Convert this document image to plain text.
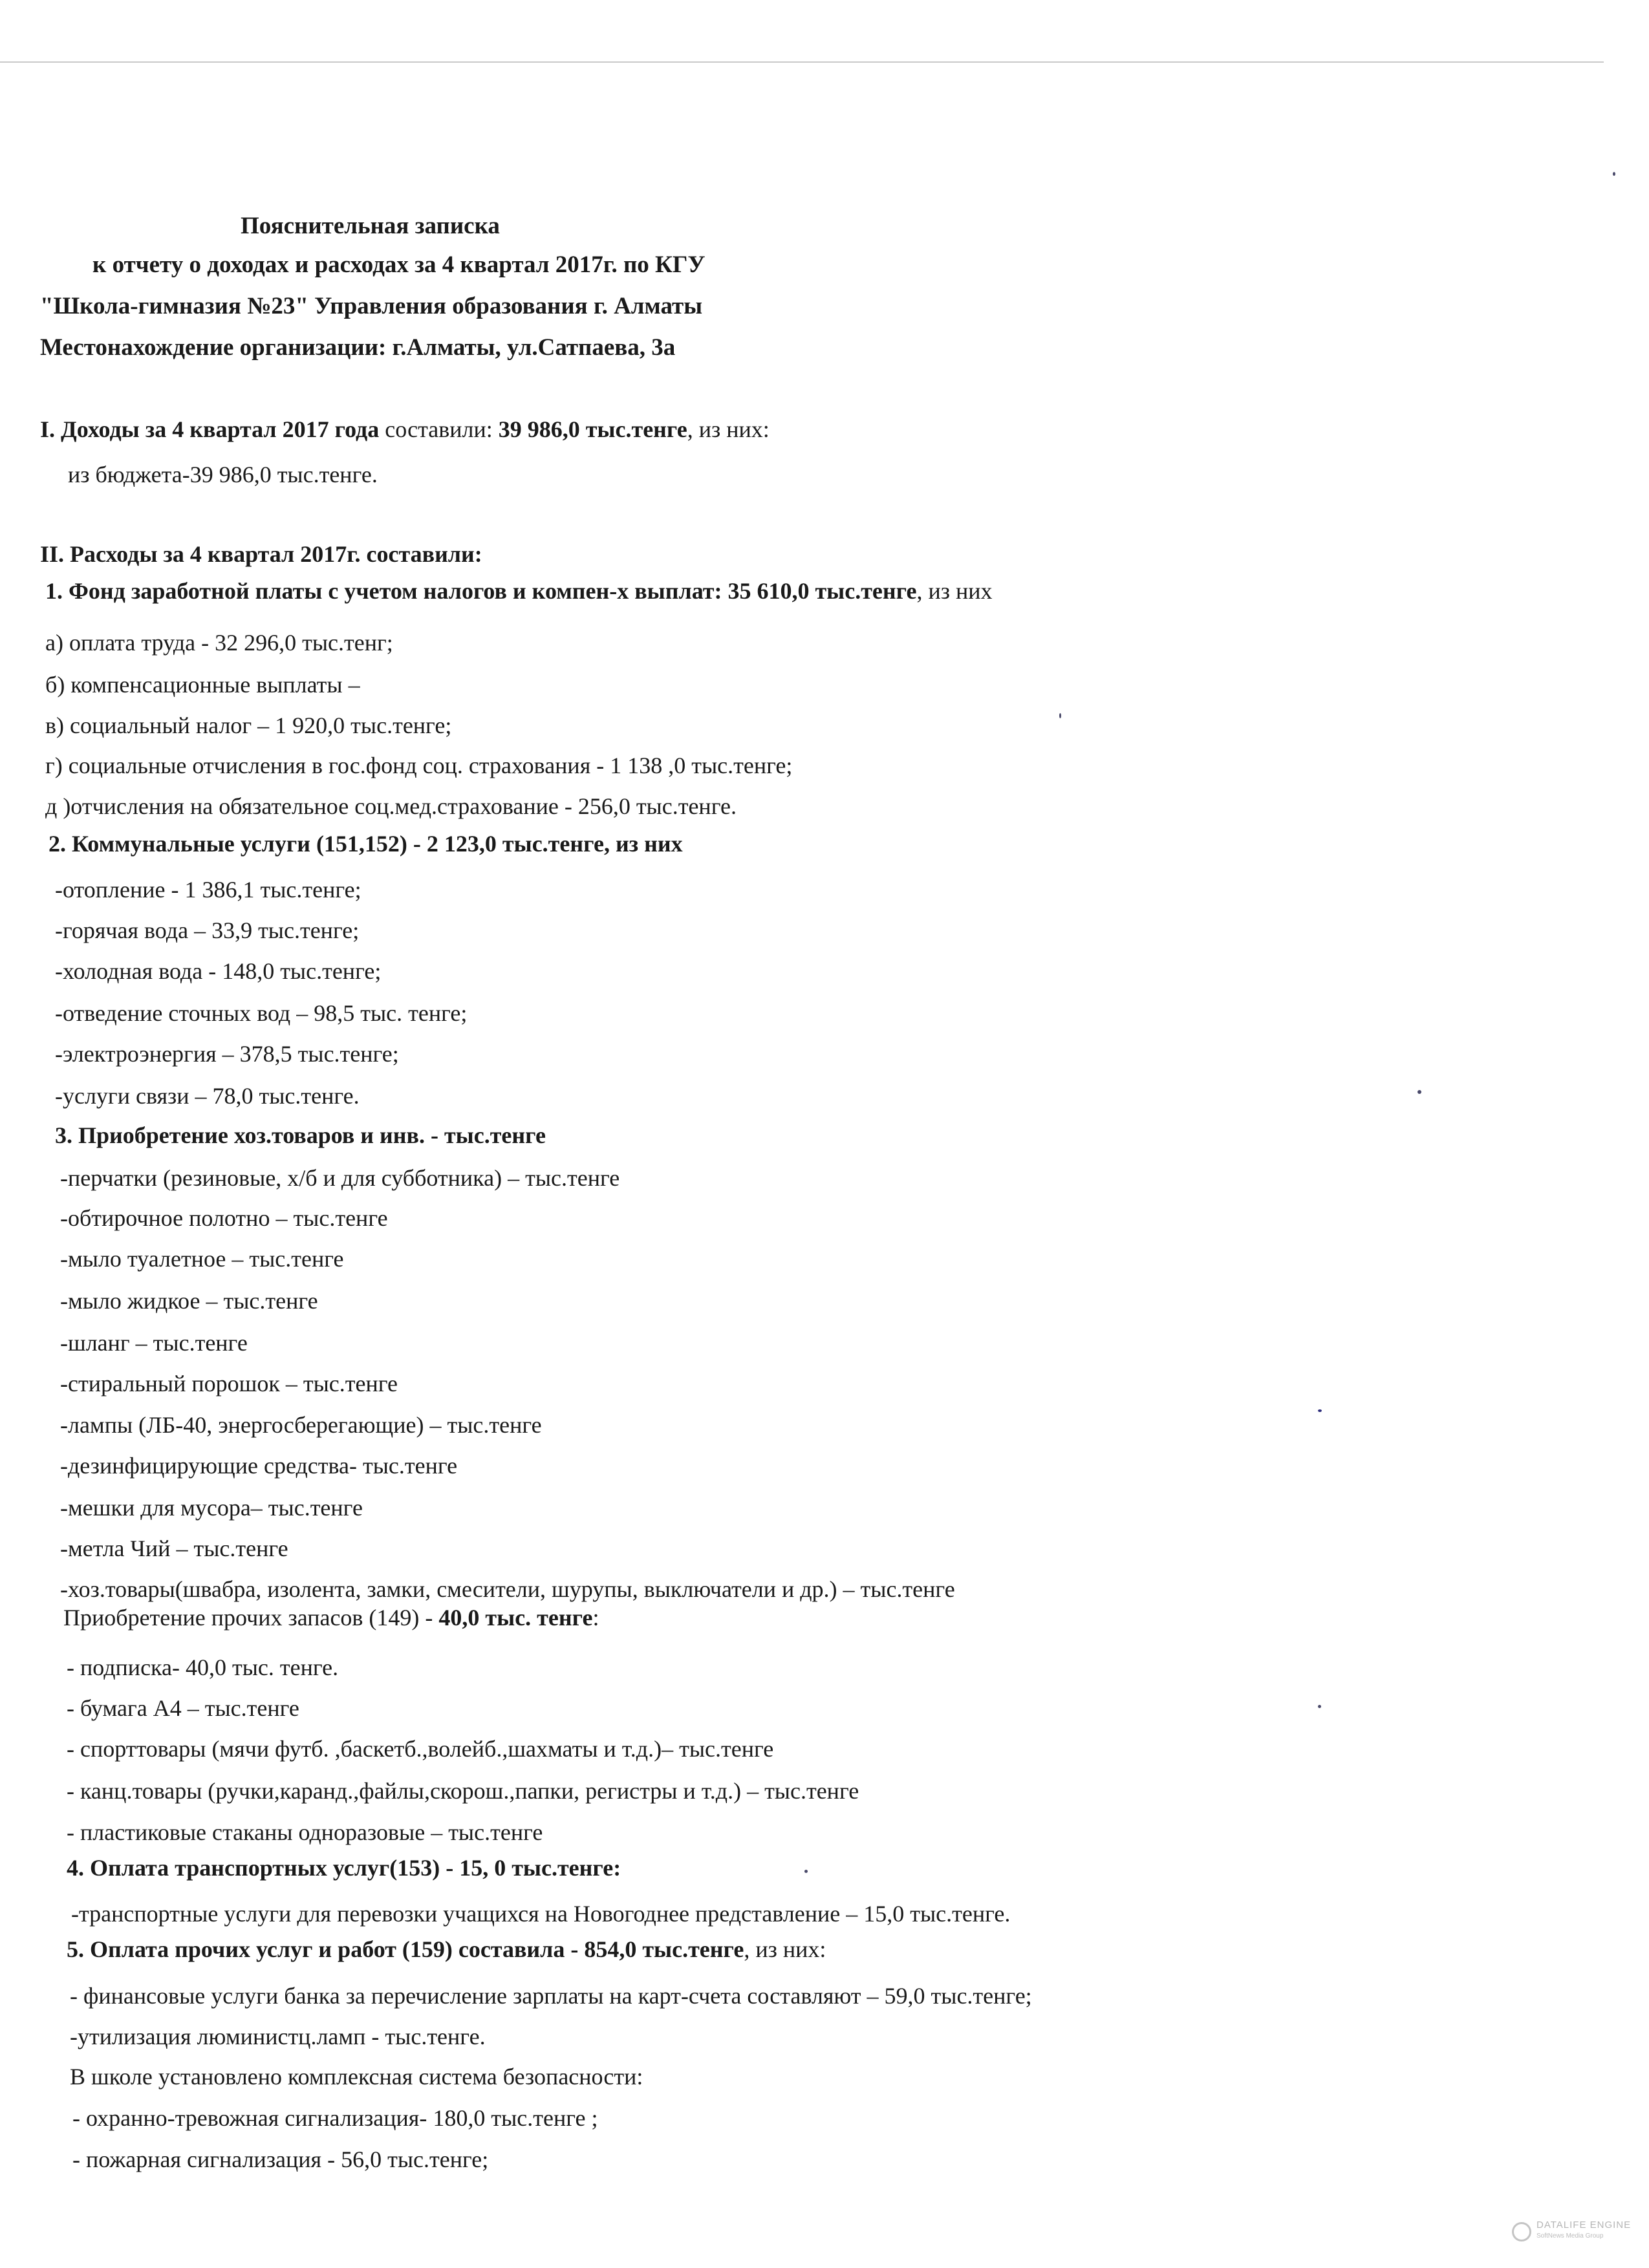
Пояснительная записка
к отчету о доходах и расходах за 4 квартал 2017г. по КГУ
"Школа-гимназия №23" Управления образования г. Алматы
Местонахождение организации: г.Алматы, ул.Сатпаева, 3а
I. Доходы за 4 квартал 2017 года составили: 39 986,0 тыс.тенге, из них:
из бюджета-39 986,0 тыс.тенге.
II. Расходы за 4 квартал 2017г. составили:
1. Фонд заработной платы с учетом налогов и компен-х выплат: 35 610,0 тыс.тенге, из них
а) оплата труда - 32 296,0 тыс.тенг;
б) компенсационные выплаты –
в) социальный налог – 1 920,0 тыс.тенге;
г) социальные отчисления в гос.фонд соц. страхования - 1 138 ,0 тыс.тенге;
д )отчисления на обязательное соц.мед.страхование - 256,0 тыс.тенге.
2. Коммунальные услуги (151,152) - 2 123,0 тыс.тенге, из них
-отопление - 1 386,1 тыс.тенге;
-горячая вода – 33,9 тыс.тенге;
-холодная вода - 148,0 тыс.тенге;
-отведение сточных вод – 98,5 тыс. тенге;
-электроэнергия – 378,5 тыс.тенге;
-услуги связи – 78,0 тыс.тенге.
3. Приобретение хоз.товаров и инв. - тыс.тенге
-перчатки (резиновые, х/б и для субботника) – тыс.тенге
-обтирочное полотно – тыс.тенге
-мыло туалетное – тыс.тенге
-мыло жидкое – тыс.тенге
-шланг – тыс.тенге
-стиральный порошок – тыс.тенге
-лампы (ЛБ-40, энергосберегающие) – тыс.тенге
-дезинфицирующие средства- тыс.тенге
-мешки для мусора– тыс.тенге
-метла Чий – тыс.тенге
-хоз.товары(швабра, изолента, замки, смесители, шурупы, выключатели и др.) – тыс.тенге
Приобретение прочих запасов (149) - 40,0 тыс. тенге:
- подписка- 40,0 тыс. тенге.
- бумага А4 – тыс.тенге
- спорттовары (мячи футб. ,баскетб.,волейб.,шахматы и т.д.)– тыс.тенге
- канц.товары (ручки,каранд.,файлы,скорош.,папки, регистры и т.д.) – тыс.тенге
- пластиковые стаканы одноразовые – тыс.тенге
4. Оплата транспортных услуг(153) - 15, 0 тыс.тенге:
-транспортные услуги для перевозки учащихся на Новогоднее представление – 15,0 тыс.тенге.
5. Оплата прочих услуг и работ (159) составила - 854,0 тыс.тенге, из них:
- финансовые услуги банка за перечисление зарплаты на карт-счета составляют – 59,0 тыс.тенге;
-утилизация люминистц.ламп - тыс.тенге.
В школе установлено комплексная система безопасности:
- охранно-тревожная сигнализация- 180,0 тыс.тенге ;
- пожарная сигнализация - 56,0 тыс.тенге;
DATALIFE ENGINE
SoftNews Media Group
